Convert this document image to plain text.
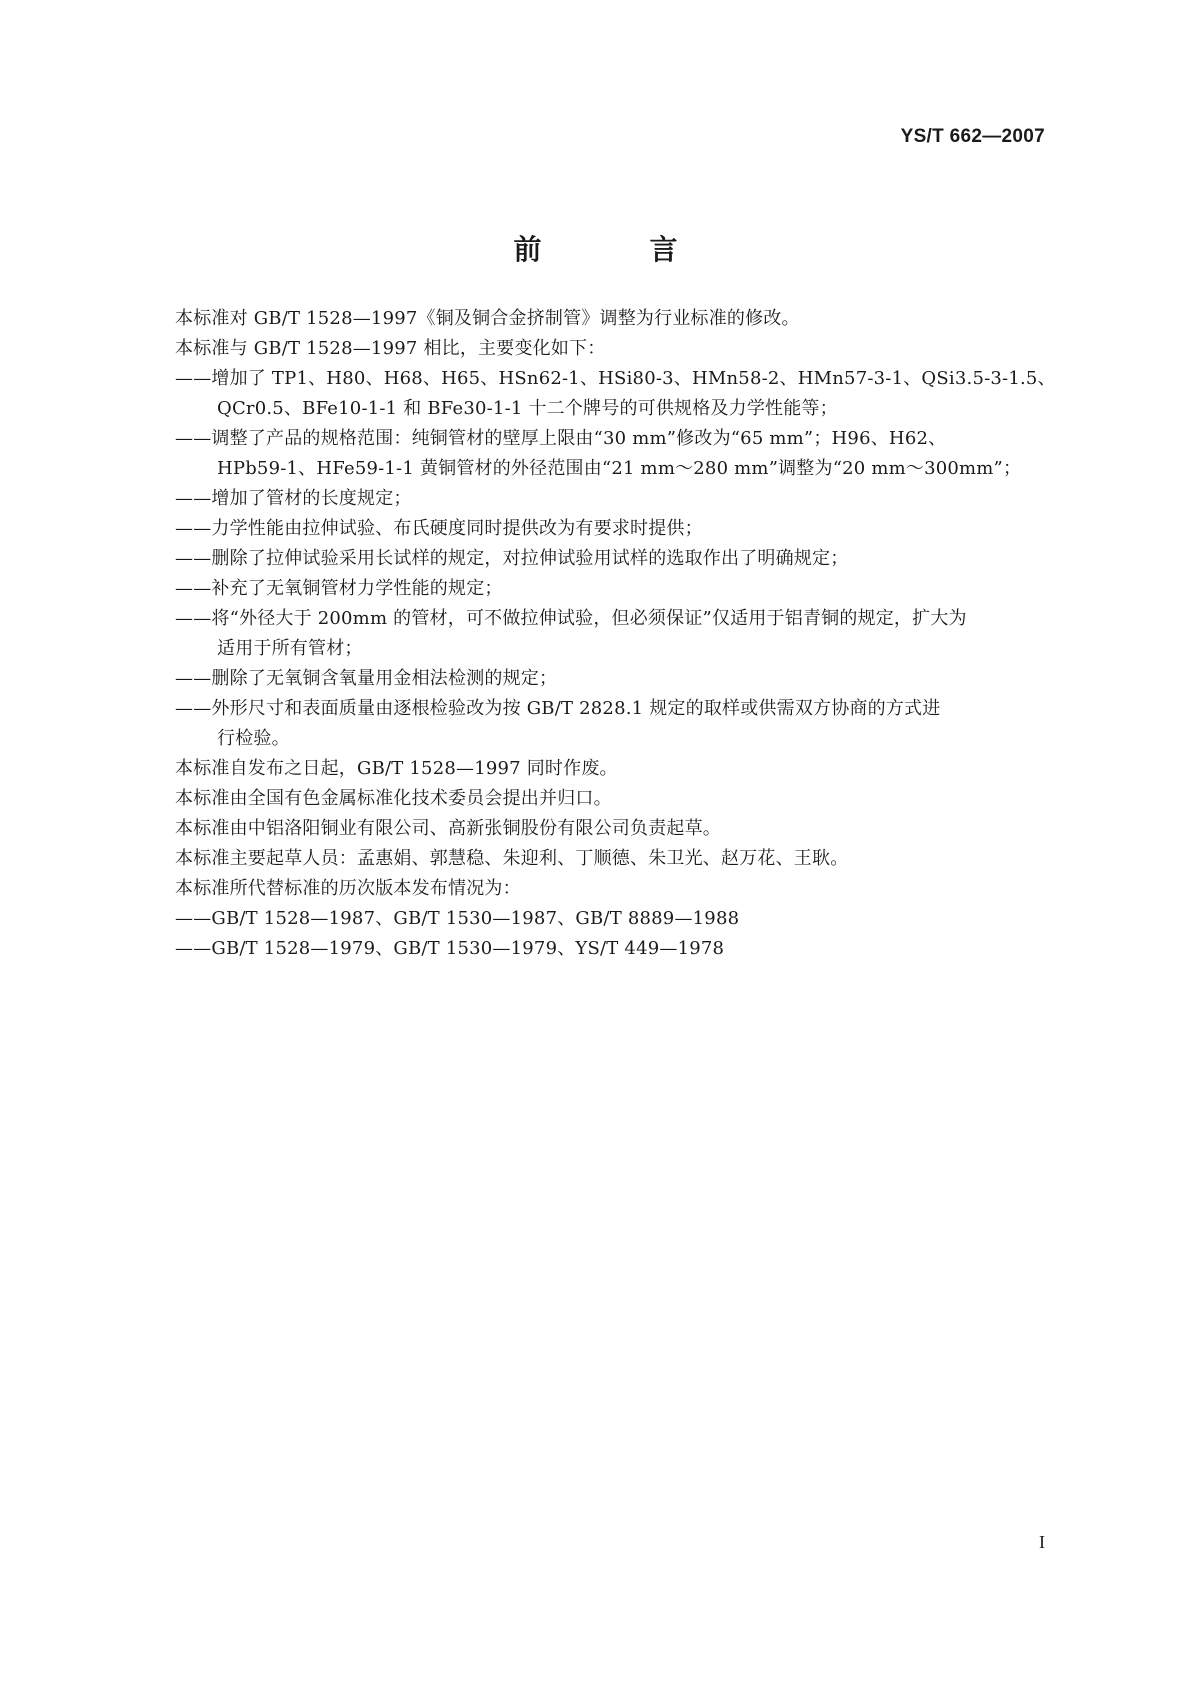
YS/T 662—2007
前　言
本标准对 GB/T 1528—1997《铜及铜合金挤制管》调整为行业标准的修改。
本标准与 GB/T 1528—1997 相比，主要变化如下：
——增加了 TP1、H80、H68、H65、HSn62-1、HSi80-3、HMn58-2、HMn57-3-1、QSi3.5-3-1.5、
QCr0.5、BFe10-1-1 和 BFe30-1-1 十二个牌号的可供规格及力学性能等；
——调整了产品的规格范围：纯铜管材的壁厚上限由“30 mm”修改为“65 mm”；H96、H62、
HPb59-1、HFe59-1-1 黄铜管材的外径范围由“21 mm～280 mm”调整为“20 mm～300mm”；
——增加了管材的长度规定；
——力学性能由拉伸试验、布氏硬度同时提供改为有要求时提供；
——删除了拉伸试验采用长试样的规定，对拉伸试验用试样的选取作出了明确规定；
——补充了无氧铜管材力学性能的规定；
——将“外径大于 200mm 的管材，可不做拉伸试验，但必须保证”仅适用于铝青铜的规定，扩大为
适用于所有管材；
——删除了无氧铜含氧量用金相法检测的规定；
——外形尺寸和表面质量由逐根检验改为按 GB/T 2828.1 规定的取样或供需双方协商的方式进
行检验。
本标准自发布之日起，GB/T 1528—1997 同时作废。
本标准由全国有色金属标准化技术委员会提出并归口。
本标准由中铝洛阳铜业有限公司、高新张铜股份有限公司负责起草。
本标准主要起草人员：孟惠娟、郭慧稳、朱迎利、丁顺德、朱卫光、赵万花、王耿。
本标准所代替标准的历次版本发布情况为：
——GB/T 1528—1987、GB/T 1530—1987、GB/T 8889—1988
——GB/T 1528—1979、GB/T 1530—1979、YS/T 449—1978
I
